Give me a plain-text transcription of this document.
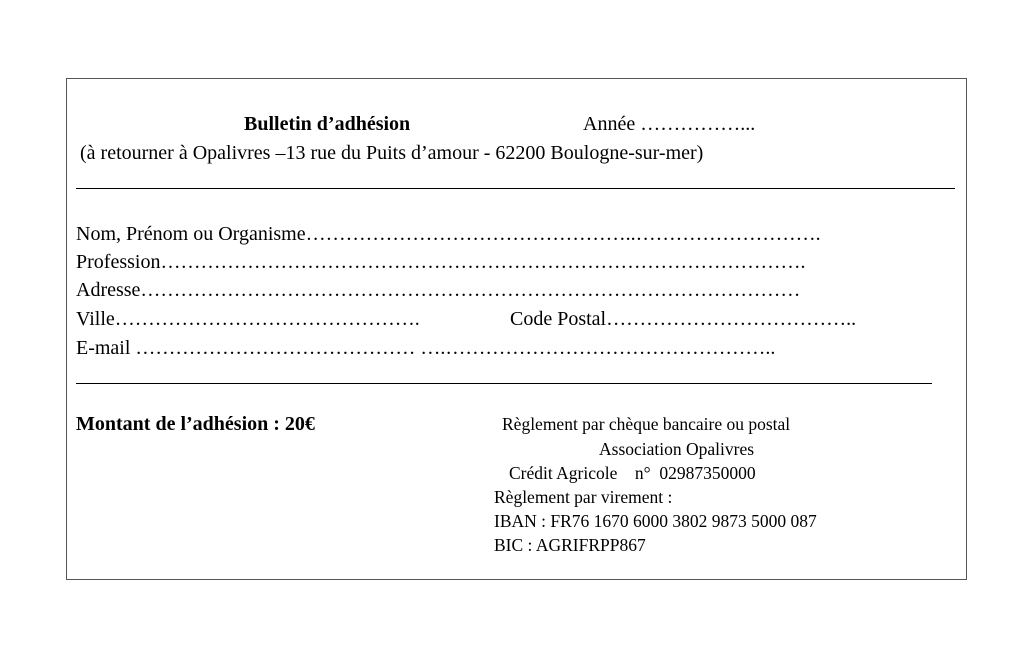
Bulletin d’adhésion	Année ……………...
(à retourner à Opalivres –13 rue du Puits d’amour - 62200 Boulogne-sur-mer)
Nom, Prénom ou Organisme…………………………………………..……………………….
Profession…………………………………………………………………………………….
Adresse………………………………………………………………………………………
Ville……………………………………….	Code Postal………………………………..
E-mail …………………………………… ….…………………………………………..
Montant de l’adhésion : 20€	Règlement par chèque bancaire ou postal
Association Opalivres
Crédit Agricole    n°  02987350000
Règlement par virement :
IBAN : FR76 1670 6000 3802 9873 5000 087
BIC : AGRIFRPP867
